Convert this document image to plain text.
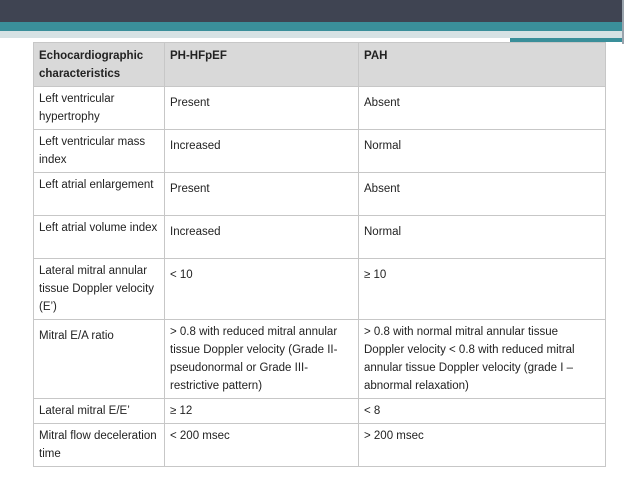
Echocardiographic characteristics	PH-HFpEF	PAH
Left ventricular hypertrophy	Present	Absent
Left ventricular mass index	Increased	Normal
Left atrial enlargement	Present	Absent
Left atrial volume index	Increased	Normal
Lateral mitral annular tissue Doppler velocity (E’)	< 10	≥ 10
Mitral E/A ratio	> 0.8 with reduced mitral annular tissue Doppler velocity (Grade II-pseudonormal or Grade III-restrictive pattern)	> 0.8 with normal mitral annular tissue Doppler velocity < 0.8 with reduced mitral annular tissue Doppler velocity (grade I – abnormal relaxation)
Lateral mitral E/E’	≥ 12	< 8
Mitral flow deceleration time	< 200 msec	> 200 msec
